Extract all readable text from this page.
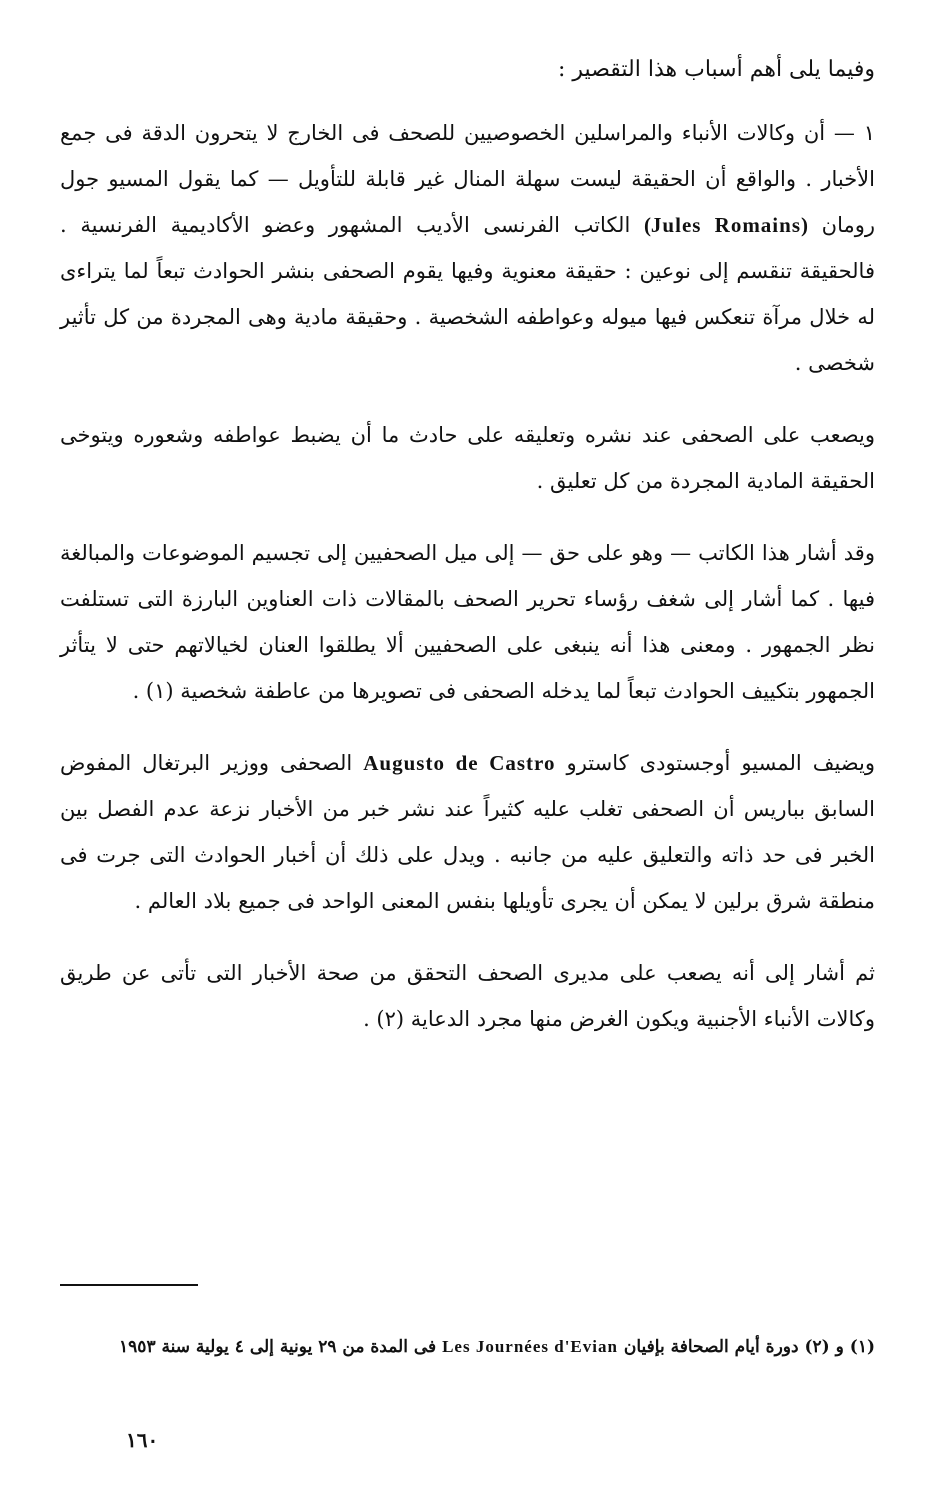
وفيما يلى أهم أسباب هذا التقصير :

١ — أن وكالات الأنباء والمراسلين الخصوصيين للصحف فى الخارج لا يتحرون الدقة فى جمع الأخبار . والواقع أن الحقيقة ليست سهلة المنال غير قابلة للتأويل — كما يقول المسيو جول رومان (Jules Romains) الكاتب الفرنسى الأديب المشهور وعضو الأكاديمية الفرنسية . فالحقيقة تنقسم إلى نوعين : حقيقة معنوية وفيها يقوم الصحفى بنشر الحوادث تبعاً لما يتراءى له خلال مرآة تنعكس فيها ميوله وعواطفه الشخصية . وحقيقة مادية وهى المجردة من كل تأثير شخصى .

ويصعب على الصحفى عند نشره وتعليقه على حادث ما أن يضبط عواطفه وشعوره ويتوخى الحقيقة المادية المجردة من كل تعليق .

وقد أشار هذا الكاتب — وهو على حق — إلى ميل الصحفيين إلى تجسيم الموضوعات والمبالغة فيها . كما أشار إلى شغف رؤساء تحرير الصحف بالمقالات ذات العناوين البارزة التى تستلفت نظر الجمهور . ومعنى هذا أنه ينبغى على الصحفيين ألا يطلقوا العنان لخيالاتهم حتى لا يتأثر الجمهور بتكييف الحوادث تبعاً لما يدخله الصحفى فى تصويرها من عاطفة شخصية (١) .

ويضيف المسيو أوجستودى كاسترو Augusto de Castro الصحفى ووزير البرتغال المفوض السابق بباريس أن الصحفى تغلب عليه كثيراً عند نشر خبر من الأخبار نزعة عدم الفصل بين الخبر فى حد ذاته والتعليق عليه من جانبه . ويدل على ذلك أن أخبار الحوادث التى جرت فى منطقة شرق برلين لا يمكن أن يجرى تأويلها بنفس المعنى الواحد فى جميع بلاد العالم .

ثم أشار إلى أنه يصعب على مديرى الصحف التحقق من صحة الأخبار التى تأتى عن طريق وكالات الأنباء الأجنبية ويكون الغرض منها مجرد الدعاية (٢) .

(١) و (٢) دورة أيام الصحافة بإفيان Les Journées d'Evian فى المدة من ٢٩ يونية إلى ٤ يولية سنة ١٩٥٣
١٦٠
